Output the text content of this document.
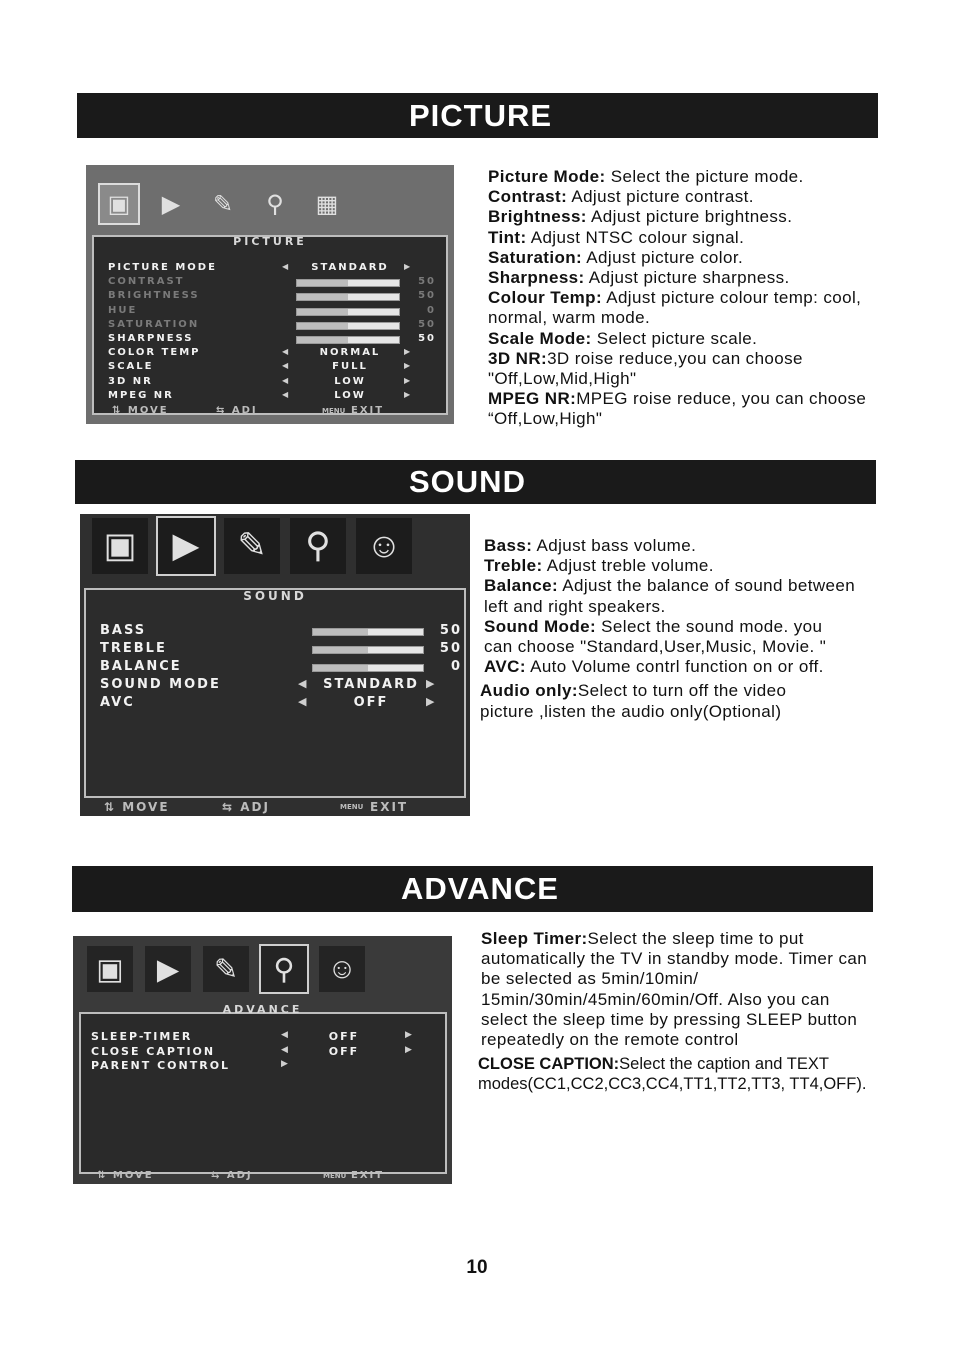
PICTURE
▣	▶	✎	⚲	▦
PICTURE
PICTURE MODE	◀	STANDARD	▶
CONTRAST	50
BRIGHTNESS	50
HUE	0
SATURATION	50
SHARPNESS	50
COLOR TEMP	◀	NORMAL	▶
SCALE	◀	FULL	▶
3D NR	◀	LOW	▶
MPEG NR	◀	LOW	▶
⇅ MOVE	⇆ ADJ	MENU EXIT

Picture Mode: Select the picture mode.

Contrast: Adjust picture contrast.

Brightness: Adjust picture brightness.

Tint: Adjust NTSC colour signal.

Saturation: Adjust picture color.

Sharpness: Adjust picture sharpness.

Colour Temp: Adjust picture colour temp: cool, normal, warm mode.

Scale Mode: Select picture scale.

3D NR:3D roise reduce,you can choose "Off,Low,Mid,High"

MPEG NR:MPEG roise reduce, you can choose “Off,Low,High"

SOUND
▣	▶	✎	⚲	☺
SOUND
BASS	50
TREBLE	50
BALANCE	0
SOUND MODE	◀	STANDARD ▶
AVC	◀	OFF	▶
⇅ MOVE	⇆ ADJ	MENU EXIT

Bass: Adjust bass volume.

Treble: Adjust treble volume.

Balance: Adjust the balance of sound between left and right speakers.

Sound Mode: Select the sound mode. you can choose "Standard,User,Music, Movie. "

AVC: Auto Volume contrl function on or off.

Audio only:Select to turn off the video picture ,listen the audio only(Optional)

ADVANCE
▣	▶	✎	⚲	☺
ADVANCE
SLEEP-TIMER	◀	OFF	▶
CLOSE CAPTION	◀	OFF	▶
PARENT CONTROL	▶
⇅ MOVE	⇆ ADJ	MENU EXIT

Sleep Timer:Select the sleep time to put automatically the TV in standby mode. Timer can be selected as 5min/10min/ 15min/30min/45min/60min/Off. Also you can select the sleep time by pressing SLEEP button repeatedly on the remote control

CLOSE CAPTION:Select the caption and TEXT modes(CC1,CC2,CC3,CC4,TT1,TT2,TT3, TT4,OFF).

10
